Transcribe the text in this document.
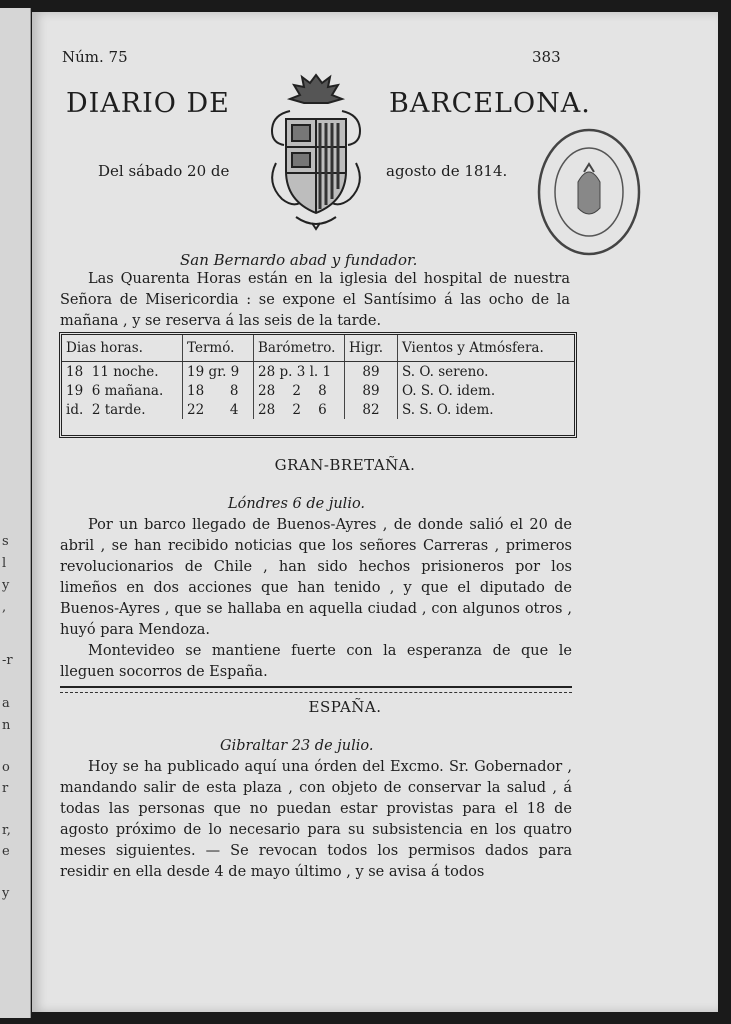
s
l
y
,
-r
a
n
o
r
r,
e
y
Núm. 75	383
DIARIO DE	BARCELONA.
Del sábado 20 de	agosto de 1814.
San Bernardo abad y fundador.

Las Quarenta Horas están en la iglesia del hospital de nuestra Señora de Misericordia : se expone el Santísimo á las ocho de la mañana , y se reserva á las seis de la tarde.

Dias horas.	Termó.	Barómetro.	Higr.	Vientos y Atmósfera.
18  11 noche.	19 gr. 9	28 p. 3 l. 1	89	S. O. sereno.
19  6 mañana.	18      8	28    2    8	89	O. S. O. idem.
id.  2 tarde.	22      4	28    2    6	82	S. S. O. idem.
GRAN-BRETAÑA.
Lóndres 6 de julio.

Por un barco llegado de Buenos-Ayres , de donde salió el 20 de abril , se han recibido noticias que los señores Carreras , primeros revolucionarios de Chile , han sido hechos prisioneros por los limeños en dos acciones que han tenido , y que el diputado de Buenos-Ayres , que se hallaba en aquella ciudad , con algunos otros , huyó para Mendoza.

Montevideo se mantiene fuerte con la esperanza de que le lleguen socorros de España.

ESPAÑA.
Gibraltar 23 de julio.

Hoy se ha publicado aquí una órden del Excmo. Sr. Gobernador , mandando salir de esta plaza , con objeto de conservar la salud , á todas las personas que no puedan estar provistas para el 18 de agosto próximo de lo necesario para su subsistencia en los quatro meses siguientes. — Se revocan todos los permisos dados para residir en ella desde 4 de mayo último , y se avisa á todos
